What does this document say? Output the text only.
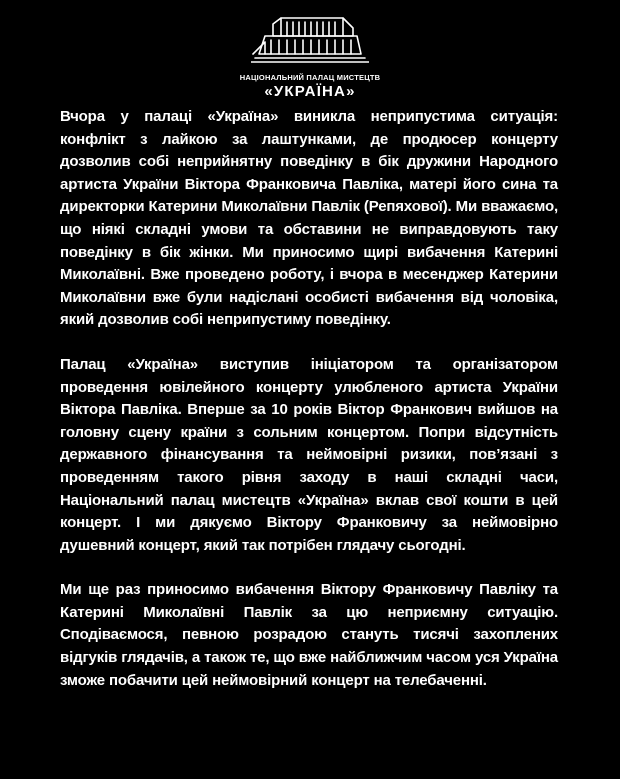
НАЦІОНАЛЬНИЙ ПАЛАЦ МИСТЕЦТВ
«УКРАЇНА»

Вчора у палаці «Україна» виникла неприпустима ситуація: конфлікт з лайкою за лаштунками, де продюсер концерту дозволив собі неприйнятну поведінку в бік дружини Народного артиста України Віктора Франковича Павліка, матері його сина та директорки Катерини Миколаївни Павлік (Репяхової). Ми вважаємо, що ніякі складні умови та обставини не виправдовують таку поведінку в бік жінки. Ми приносимо щирі вибачення Катерині Миколаївні. Вже проведено роботу, і вчора в месенджер Катерини Миколаївни вже були надіслані особисті вибачення від чоловіка, який дозволив собі неприпустиму поведінку.

Палац «Україна» виступив ініціатором та організатором проведення ювілейного концерту улюбленого артиста України Віктора Павліка. Вперше за 10 років Віктор Франкович вийшов на головну сцену країни з сольним концертом. Попри відсутність державного фінансування та неймовірні ризики, пов’язані з проведенням такого рівня заходу в наші складні часи, Національний палац мистецтв «Україна» вклав свої кошти в цей концерт. І ми дякуємо Віктору Франковичу за неймовірно душевний концерт, який так потрібен глядачу сьогодні.

Ми ще раз приносимо вибачення Віктору Франковичу Павліку та Катерині Миколаївні Павлік за цю неприємну ситуацію. Сподіваємося, певною розрадою стануть тисячі захоплених відгуків глядачів, а також те, що вже найближчим часом уся Україна зможе побачити цей неймовірний концерт на телебаченні.
